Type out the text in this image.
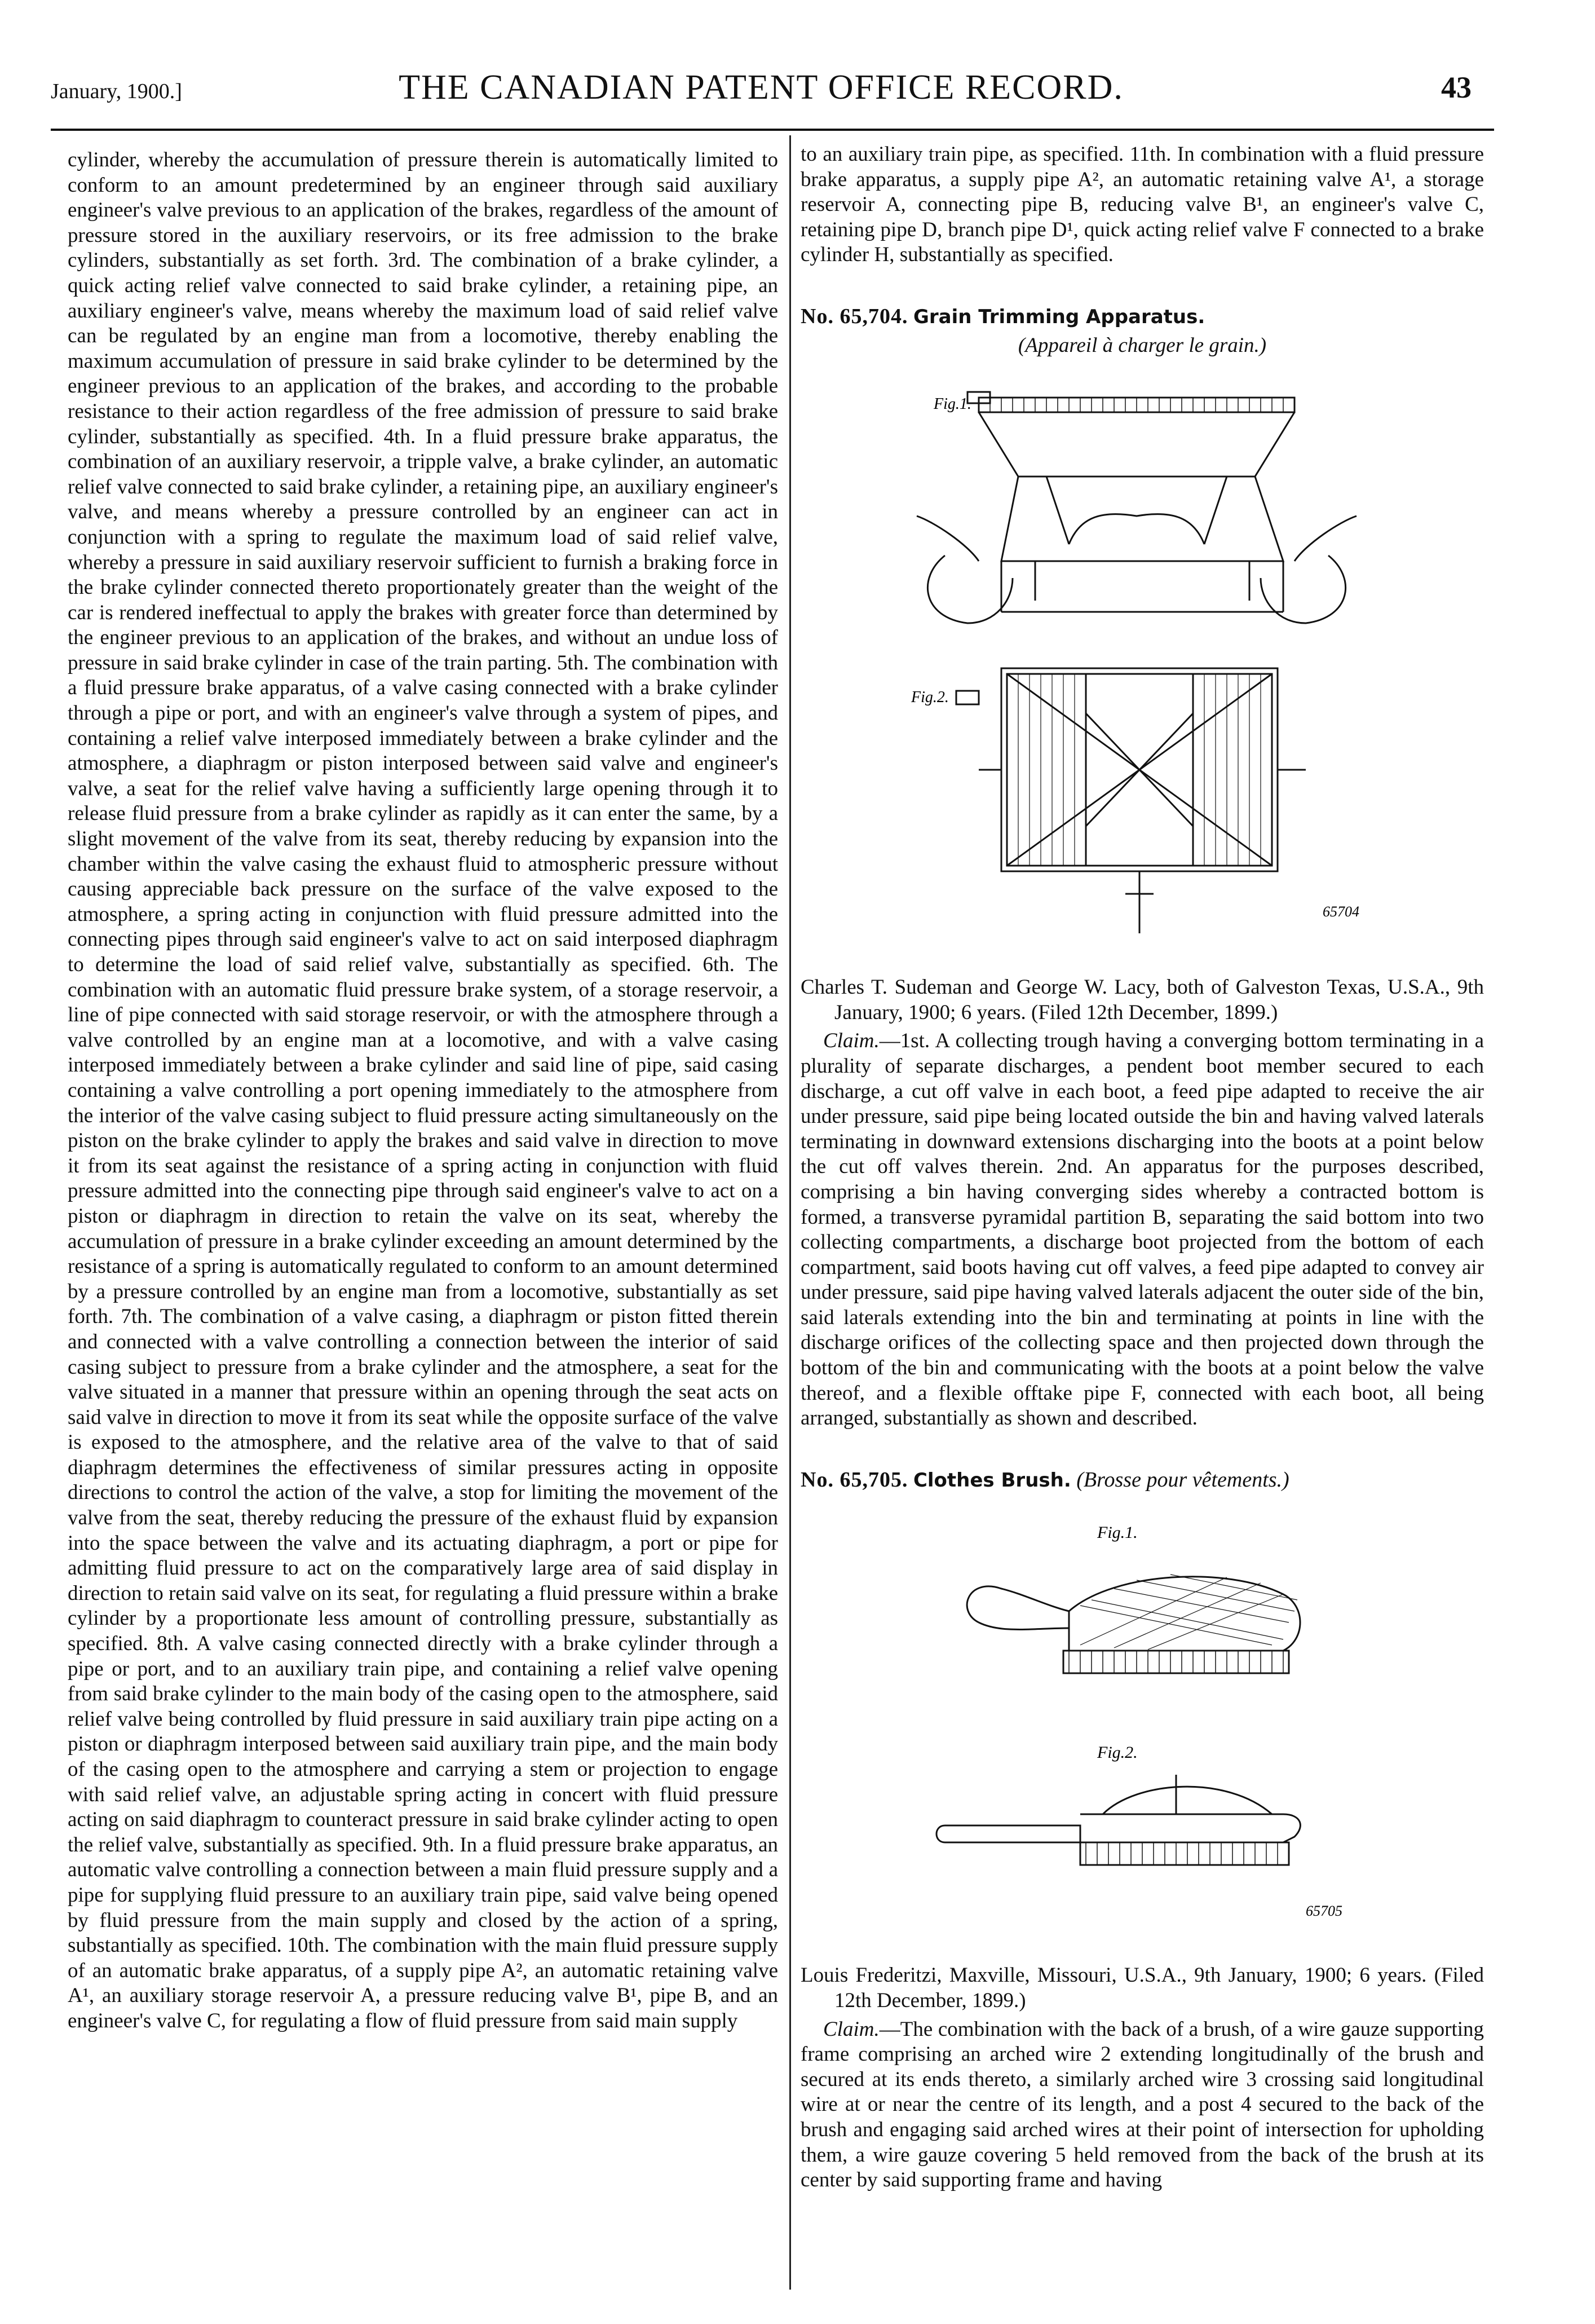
January, 1900.]	THE CANADIAN PATENT OFFICE RECORD.	43

cylinder, whereby the accumulation of pressure therein is automatically limited to conform to an amount predetermined by an engineer through said auxiliary engineer's valve previous to an application of the brakes, regardless of the amount of pressure stored in the auxiliary reservoirs, or its free admission to the brake cylinders, substantially as set forth. 3rd. The combination of a brake cylinder, a quick acting relief valve connected to said brake cylinder, a retaining pipe, an auxiliary engineer's valve, means whereby the maximum load of said relief valve can be regulated by an engine man from a locomotive, thereby enabling the maximum accumulation of pressure in said brake cylinder to be determined by the engineer previous to an application of the brakes, and according to the probable resistance to their action regardless of the free admission of pressure to said brake cylinder, substantially as specified. 4th. In a fluid pressure brake apparatus, the combination of an auxiliary reservoir, a tripple valve, a brake cylinder, an automatic relief valve connected to said brake cylinder, a retaining pipe, an auxiliary engineer's valve, and means whereby a pressure controlled by an engineer can act in conjunction with a spring to regulate the maximum load of said relief valve, whereby a pressure in said auxiliary reservoir sufficient to furnish a braking force in the brake cylinder connected thereto proportionately greater than the weight of the car is rendered ineffectual to apply the brakes with greater force than determined by the engineer previous to an application of the brakes, and without an undue loss of pressure in said brake cylinder in case of the train parting. 5th. The combination with a fluid pressure brake apparatus, of a valve casing connected with a brake cylinder through a pipe or port, and with an engineer's valve through a system of pipes, and containing a relief valve interposed immediately between a brake cylinder and the atmosphere, a diaphragm or piston interposed between said valve and engineer's valve, a seat for the relief valve having a sufficiently large opening through it to release fluid pressure from a brake cylinder as rapidly as it can enter the same, by a slight movement of the valve from its seat, thereby reducing by expansion into the chamber within the valve casing the exhaust fluid to atmospheric pressure without causing appreciable back pressure on the surface of the valve exposed to the atmosphere, a spring acting in conjunction with fluid pressure admitted into the connecting pipes through said engineer's valve to act on said interposed diaphragm to determine the load of said relief valve, substantially as specified. 6th. The combination with an automatic fluid pressure brake system, of a storage reservoir, a line of pipe connected with said storage reservoir, or with the atmosphere through a valve controlled by an engine man at a locomotive, and with a valve casing interposed immediately between a brake cylinder and said line of pipe, said casing containing a valve controlling a port opening immediately to the atmosphere from the interior of the valve casing subject to fluid pressure acting simultaneously on the piston on the brake cylinder to apply the brakes and said valve in direction to move it from its seat against the resistance of a spring acting in conjunction with fluid pressure admitted into the connecting pipe through said engineer's valve to act on a piston or diaphragm in direction to retain the valve on its seat, whereby the accumulation of pressure in a brake cylinder exceeding an amount determined by the resistance of a spring is automatically regulated to conform to an amount determined by a pressure controlled by an engine man from a locomotive, substantially as set forth. 7th. The combination of a valve casing, a diaphragm or piston fitted therein and connected with a valve controlling a connection between the interior of said casing subject to pressure from a brake cylinder and the atmosphere, a seat for the valve situated in a manner that pressure within an opening through the seat acts on said valve in direction to move it from its seat while the opposite surface of the valve is exposed to the atmosphere, and the relative area of the valve to that of said diaphragm determines the effectiveness of similar pressures acting in opposite directions to control the action of the valve, a stop for limiting the movement of the valve from the seat, thereby reducing the pressure of the exhaust fluid by expansion into the space between the valve and its actuating diaphragm, a port or pipe for admitting fluid pressure to act on the comparatively large area of said display in direction to retain said valve on its seat, for regulating a fluid pressure within a brake cylinder by a proportionate less amount of controlling pressure, substantially as specified. 8th. A valve casing connected directly with a brake cylinder through a pipe or port, and to an auxiliary train pipe, and containing a relief valve opening from said brake cylinder to the main body of the casing open to the atmosphere, said relief valve being controlled by fluid pressure in said auxiliary train pipe acting on a piston or diaphragm interposed between said auxiliary train pipe, and the main body of the casing open to the atmosphere and carrying a stem or projection to engage with said relief valve, an adjustable spring acting in concert with fluid pressure acting on said diaphragm to counteract pressure in said brake cylinder acting to open the relief valve, substantially as specified. 9th. In a fluid pressure brake apparatus, an automatic valve controlling a connection between a main fluid pressure supply and a pipe for supplying fluid pressure to an auxiliary train pipe, said valve being opened by fluid pressure from the main supply and closed by the action of a spring, substantially as specified. 10th. The combination with the main fluid pressure supply of an automatic brake apparatus, of a supply pipe A², an automatic retaining valve A¹, an auxiliary storage reservoir A, a pressure reducing valve B¹, pipe B, and an engineer's valve C, for regulating a flow of fluid pressure from said main supply

to an auxiliary train pipe, as specified. 11th. In combination with a fluid pressure brake apparatus, a supply pipe A², an automatic retaining valve A¹, a storage reservoir A, connecting pipe B, reducing valve B¹, an engineer's valve C, retaining pipe D, branch pipe D¹, quick acting relief valve F connected to a brake cylinder H, substantially as specified.

No. 65,704. Grain Trimming Apparatus.
(Appareil à charger le grain.)
Fig.1.
Fig.2.
65704

Charles T. Sudeman and George W. Lacy, both of Galveston Texas, U.S.A., 9th January, 1900; 6 years. (Filed 12th December, 1899.)

Claim.—1st. A collecting trough having a converging bottom terminating in a plurality of separate discharges, a pendent boot member secured to each discharge, a cut off valve in each boot, a feed pipe adapted to receive the air under pressure, said pipe being located outside the bin and having valved laterals terminating in downward extensions discharging into the boots at a point below the cut off valves therein. 2nd. An apparatus for the purposes described, comprising a bin having converging sides whereby a contracted bottom is formed, a transverse pyramidal partition B, separating the said bottom into two collecting compartments, a discharge boot projected from the bottom of each compartment, said boots having cut off valves, a feed pipe adapted to convey air under pressure, said pipe having valved laterals adjacent the outer side of the bin, said laterals extending into the bin and terminating at points in line with the discharge orifices of the collecting space and then projected down through the bottom of the bin and communicating with the boots at a point below the valve thereof, and a flexible offtake pipe F, connected with each boot, all being arranged, substantially as shown and described.

No. 65,705. Clothes Brush. (Brosse pour vêtements.)
Fig.1.
Fig.2.
65705

Louis Frederitzi, Maxville, Missouri, U.S.A., 9th January, 1900; 6 years. (Filed 12th December, 1899.)

Claim.—The combination with the back of a brush, of a wire gauze supporting frame comprising an arched wire 2 extending longitudinally of the brush and secured at its ends thereto, a similarly arched wire 3 crossing said longitudinal wire at or near the centre of its length, and a post 4 secured to the back of the brush and engaging said arched wires at their point of intersection for upholding them, a wire gauze covering 5 held removed from the back of the brush at its center by said supporting frame and having
